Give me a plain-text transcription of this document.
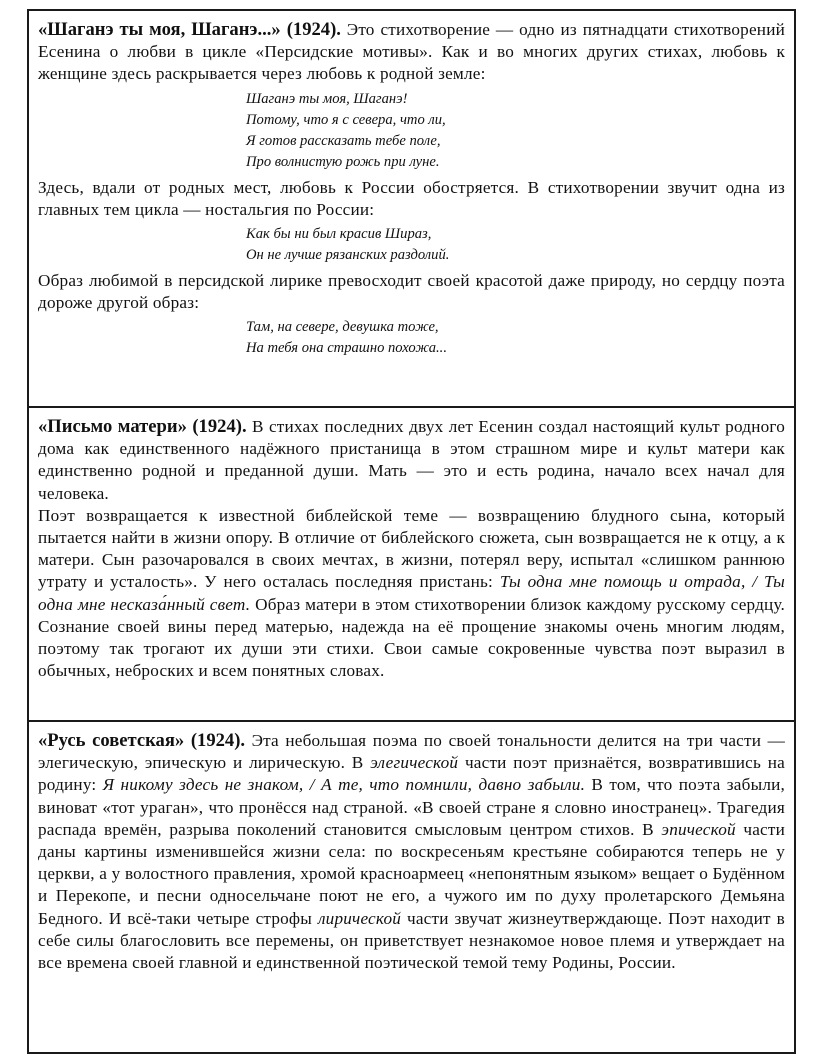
«Шаганэ ты моя, Шаганэ...» (1924). Это стихотворение — одно из пятнадцати стихотворений Есенина о любви в цикле «Персидские мотивы». Как и во многих других стихах, любовь к женщине здесь раскрывается через любовь к родной земле:

Шаганэ ты моя, Шаганэ!
Потому, что я с севера, что ли,
Я готов рассказать тебе поле,
Про волнистую рожь при луне.

Здесь, вдали от родных мест, любовь к России обостряется. В стихотворении звучит одна из главных тем цикла — ностальгия по России:

Как бы ни был красив Шираз,
Он не лучше рязанских раздолий.

Образ любимой в персидской лирике превосходит своей красотой даже природу, но сердцу поэта дороже другой образ:

Там, на севере, девушка тоже,
На тебя она страшно похожа...

«Письмо матери» (1924). В стихах последних двух лет Есенин создал настоящий культ родного дома как единственного надёжного пристанища в этом страшном мире и культ матери как единственно родной и преданной души. Мать — это и есть родина, начало всех начал для человека.

Поэт возвращается к известной библейской теме — возвращению блудного сына, который пытается найти в жизни опору. В отличие от библейского сюжета, сын возвращается не к отцу, а к матери. Сын разочаровался в своих мечтах, в жизни, потерял веру, испытал «слишком раннюю утрату и усталость». У него осталась последняя пристань: Ты одна мне помощь и отрада, / Ты одна мне несказа́нный свет. Образ матери в этом стихотворении близок каждому русскому сердцу. Сознание своей вины перед матерью, надежда на её прощение знакомы очень многим людям, поэтому так трогают их души эти стихи. Свои самые сокровенные чувства поэт выразил в обычных, неброских и всем понятных словах.

«Русь советская» (1924). Эта небольшая поэма по своей тональности делится на три части — элегическую, эпическую и лирическую. В элегической части поэт признаётся, возвратившись на родину: Я никому здесь не знаком, / А те, что помнили, давно забыли. В том, что поэта забыли, виноват «тот ураган», что пронёсся над страной. «В своей стране я словно иностранец». Трагедия распада времён, разрыва поколений становится смысловым центром стихов. В эпической части даны картины изменившейся жизни села: по воскресеньям крестьяне собираются теперь не у церкви, а у волостного правления, хромой красноармеец «непонятным языком» вещает о Будённом и Перекопе, и песни односельчане поют не его, а чужого им по духу пролетарского Демьяна Бедного. И всё-таки четыре строфы лирической части звучат жизнеутверждающе. Поэт находит в себе силы благословить все перемены, он приветствует незнакомое новое племя и утверждает на все времена своей главной и единственной поэтической темой тему Родины, России.
